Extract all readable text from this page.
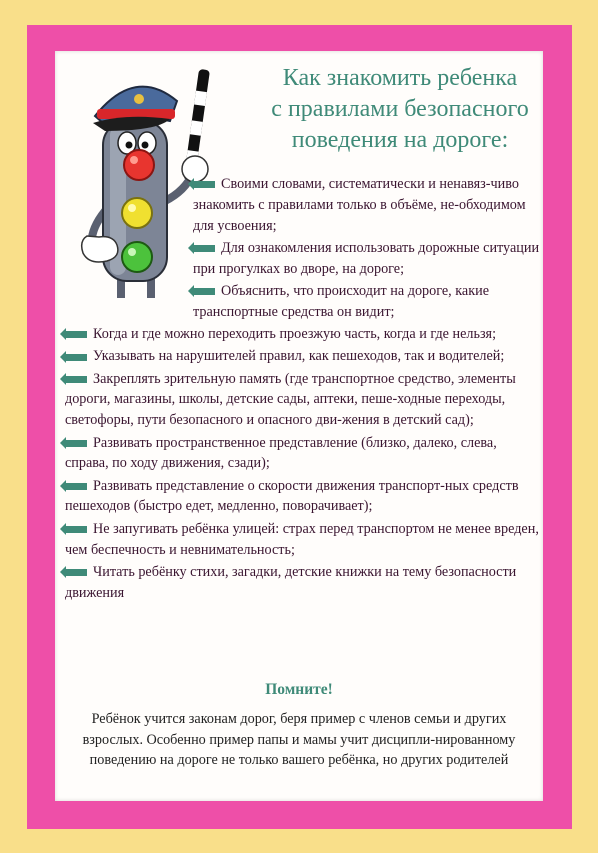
Как знакомить ребенка
с правилами безопасного
поведения на дороге:

Своими словами, систематически и ненавяз-чиво знакомить с правилами только в объёме, не-обходимом для усвоения;

Для ознакомления использовать дорожные ситуации при прогулках во дворе, на дороге;

Объяснить, что происходит на дороге, какие транспортные средства он видит;

Когда и где можно переходить проезжую часть, когда и где нельзя;

Указывать на нарушителей правил, как пешеходов, так и водителей;

Закреплять зрительную память (где транспортное средство, элементы дороги, магазины, школы, детские сады, аптеки, пеше-ходные переходы, светофоры, пути безопасного и опасного дви-жения в детский сад);

Развивать пространственное представление (близко, далеко, слева, справа, по ходу движения, сзади);

Развивать представление о скорости движения транспорт-ных средств пешеходов (быстро едет, медленно, поворачивает);

Не запугивать ребёнка улицей: страх перед транспортом не менее вреден, чем беспечность и невнимательность;

Читать ребёнку стихи, загадки, детские книжки на тему безопасности движения

Помните!
Ребёнок учится законам дорог, беря пример с членов семьи и других взрослых. Особенно пример папы и мамы учит дисципли-нированному поведению на дороге не только вашего ребёнка, но других родителей
